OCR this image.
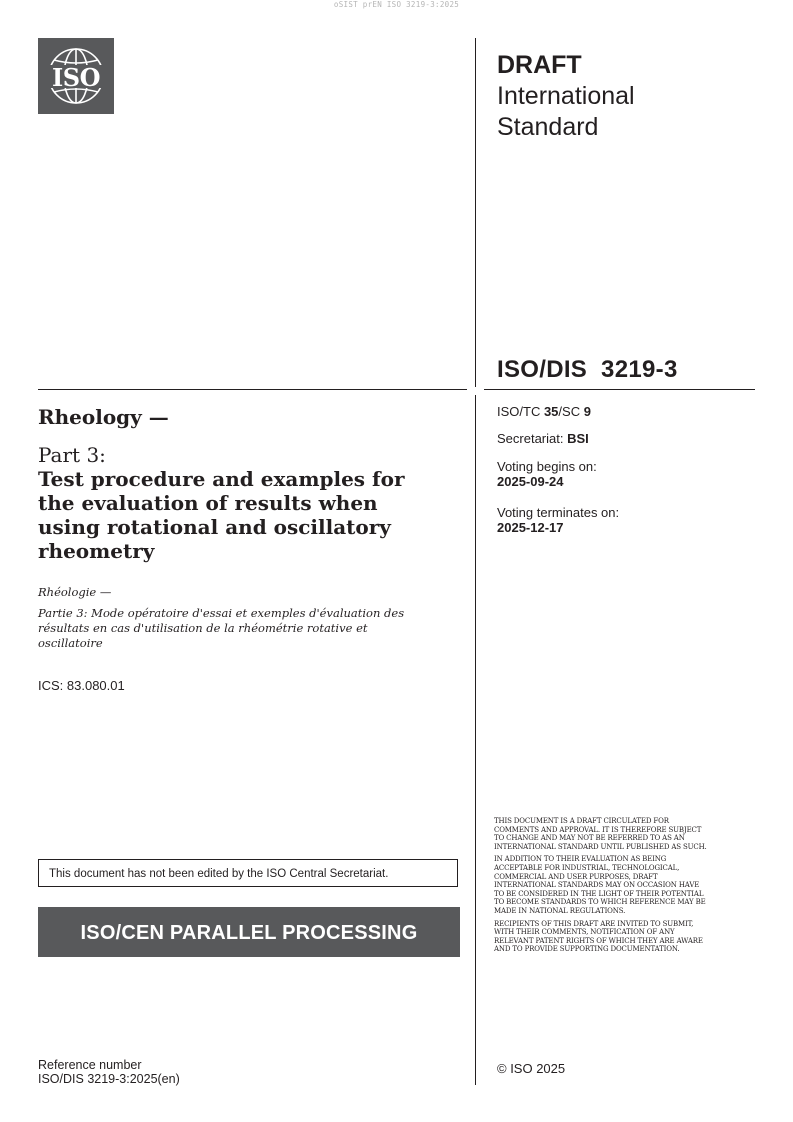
oSIST prEN ISO 3219-3:2025
ISO	DRAFT
International
Standard
ISO/DIS  3219-3
Rheology —
Part 3:
Test procedure and examples for the evaluation of results when using rotational and oscillatory rheometry
Rhéologie —
Partie 3: Mode opératoire d'essai et exemples d'évaluation des résultats en cas d'utilisation de la rhéométrie rotative et oscillatoire
ICS: 83.080.01
ISO/TC 35/SC 9
Secretariat: BSI
Voting begins on:
2025-09-24
Voting terminates on:
2025-12-17
This document has not been edited by the ISO Central Secretariat.
ISO/CEN PARALLEL PROCESSING
THIS DOCUMENT IS A DRAFT CIRCULATED FOR COMMENTS AND APPROVAL. IT IS THEREFORE SUBJECT TO CHANGE AND MAY NOT BE REFERRED TO AS AN INTERNATIONAL STANDARD UNTIL PUBLISHED AS SUCH.
IN ADDITION TO THEIR EVALUATION AS BEING ACCEPTABLE FOR INDUSTRIAL, TECHNOLOGICAL, COMMERCIAL AND USER PURPOSES, DRAFT INTERNATIONAL STANDARDS MAY ON OCCASION HAVE TO BE CONSIDERED IN THE LIGHT OF THEIR POTENTIAL TO BECOME STANDARDS TO WHICH REFERENCE MAY BE MADE IN NATIONAL REGULATIONS.
RECIPIENTS OF THIS DRAFT ARE INVITED TO SUBMIT, WITH THEIR COMMENTS, NOTIFICATION OF ANY RELEVANT PATENT RIGHTS OF WHICH THEY ARE AWARE AND TO PROVIDE SUPPORTING DOCUMENTATION.
© ISO 2025
Reference number
ISO/DIS 3219-3:2025(en)
